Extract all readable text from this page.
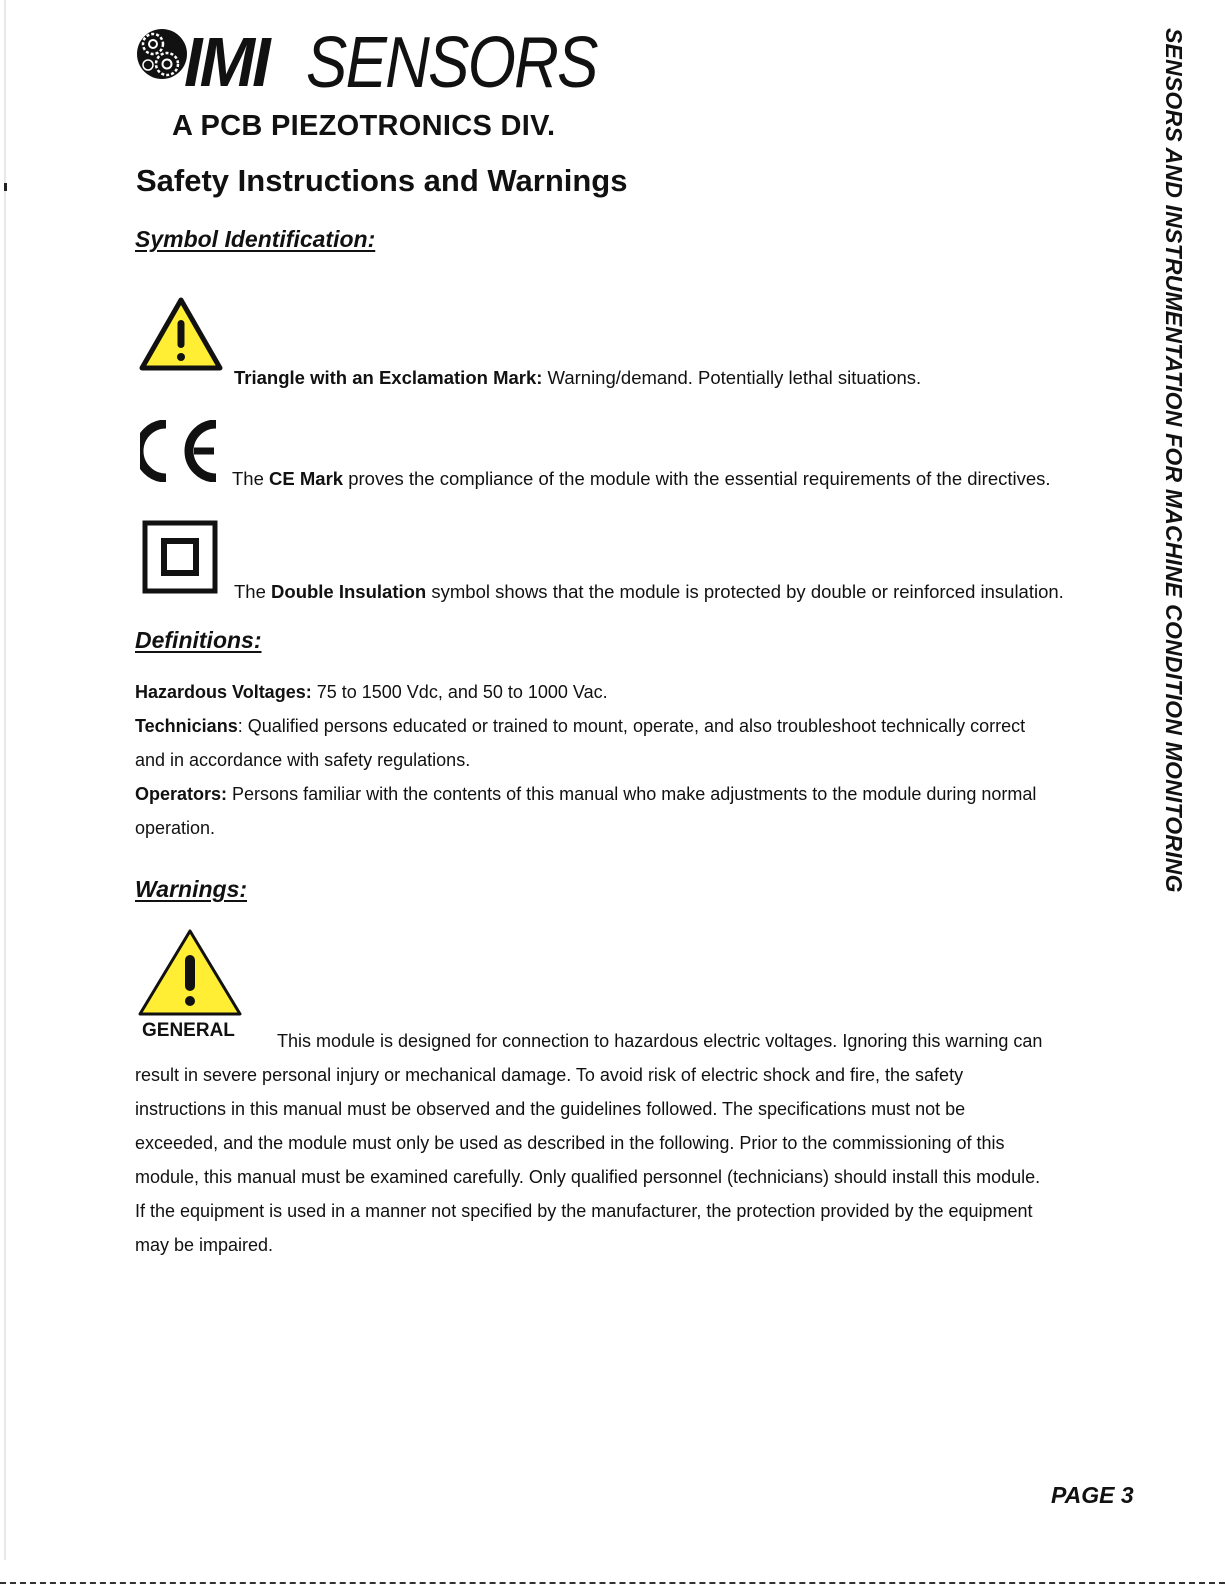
IMI SENSORS
A PCB PIEZOTRONICS DIV.	SENSORS AND INSTRUMENTATION FOR MACHINE CONDITION MONITORING
Safety Instructions and Warnings
Symbol Identification:
Triangle with an Exclamation Mark: Warning/demand. Potentially lethal situations.
The CE Mark proves the compliance of the module with the essential requirements of the directives.
The Double Insulation symbol shows that the module is protected by double or reinforced insulation.
Definitions:
Hazardous Voltages: 75 to 1500 Vdc, and 50 to 1000 Vac.
Technicians: Qualified persons educated or trained to mount, operate, and also troubleshoot technically correct
and in accordance with safety regulations.
Operators: Persons familiar with the contents of this manual who make adjustments to the module during normal
operation.
Warnings:
GENERAL This module is designed for connection to hazardous electric voltages. Ignoring this warning can
result in severe personal injury or mechanical damage. To avoid risk of electric shock and fire, the safety
instructions in this manual must be observed and the guidelines followed. The specifications must not be
exceeded, and the module must only be used as described in the following. Prior to the commissioning of this
module, this manual must be examined carefully. Only qualified personnel (technicians) should install this module.
If the equipment is used in a manner not specified by the manufacturer, the protection provided by the equipment
may be impaired.
PAGE 3
